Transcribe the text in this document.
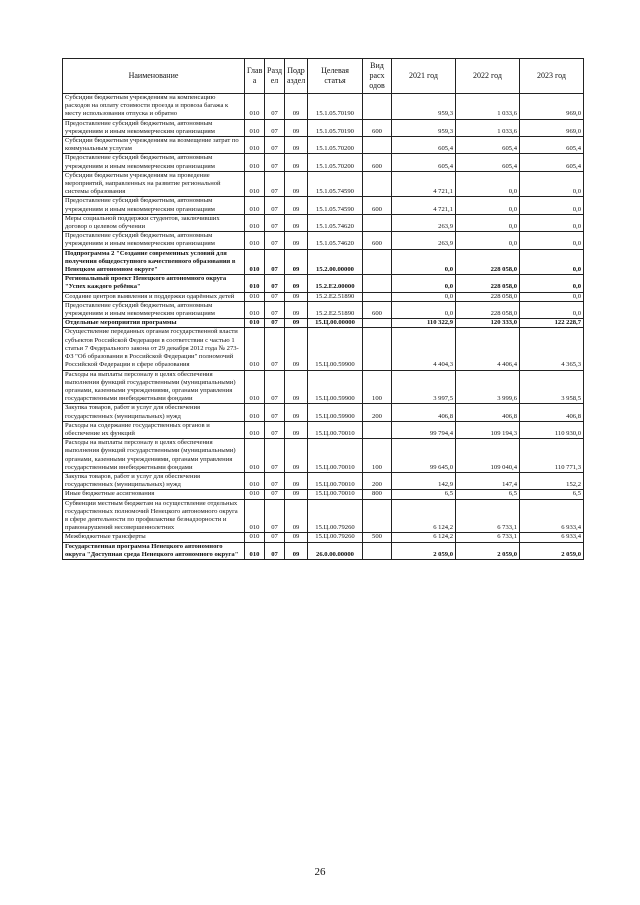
Наименование	Глав а	Разд ел	Подр аздел	Целевая статья	Вид расх одов	2021 год	2022 год	2023 год
Субсидии бюджетным учреждениям на компенсацию расходов на оплату стоимости проезда и провоза багажа к месту использования отпуска и обратно	010	07	09	15.1.05.70190		959,3	1 033,6	969,0
Предоставление субсидий бюджетным, автономным учреждениям и иным некоммерческим организациям	010	07	09	15.1.05.70190	600	959,3	1 033,6	969,0
Субсидии бюджетным учреждениям на возмещение затрат по коммунальным услугам	010	07	09	15.1.05.70200		605,4	605,4	605,4
Предоставление субсидий бюджетным, автономным учреждениям и иным некоммерческим организациям	010	07	09	15.1.05.70200	600	605,4	605,4	605,4
Субсидии бюджетным учреждениям на проведение мероприятий, направленных на развитие региональной системы образования	010	07	09	15.1.05.74590		4 721,1	0,0	0,0
Предоставление субсидий бюджетным, автономным учреждениям и иным некоммерческим организациям	010	07	09	15.1.05.74590	600	4 721,1	0,0	0,0
Меры социальной поддержки студентов, заключивших договор о целевом обучении	010	07	09	15.1.05.74620		263,9	0,0	0,0
Предоставление субсидий бюджетным, автономным учреждениям и иным некоммерческим организациям	010	07	09	15.1.05.74620	600	263,9	0,0	0,0
Подпрограмма 2 "Создание современных условий для получения общедоступного качественного образования в Ненецком автономном округе"	010	07	09	15.2.00.00000		0,0	228 058,0	0,0
Региональный проект Ненецкого автономного округа "Успех каждого ребёнка"	010	07	09	15.2.E2.00000		0,0	228 058,0	0,0
Создание центров выявления и поддержки одарённых детей	010	07	09	15.2.E2.51890		0,0	228 058,0	0,0
Предоставление субсидий бюджетным, автономным учреждениям и иным некоммерческим организациям	010	07	09	15.2.E2.51890	600	0,0	228 058,0	0,0
Отдельные мероприятия программы	010	07	09	15.Ц.00.00000		110 322,9	120 333,0	122 228,7
Осуществление переданных органам государственной власти субъектов Российской Федерации в соответствии с частью 1 статьи 7 Федерального закона от 29 декабря 2012 года № 273-ФЗ "Об образовании в Российской Федерации" полномочий Российской Федерации в сфере образования	010	07	09	15.Ц.00.59900		4 404,3	4 406,4	4 365,3
Расходы на выплаты персоналу в целях обеспечения выполнения функций государственными (муниципальными) органами, казенными учреждениями, органами управления государственными внебюджетными фондами	010	07	09	15.Ц.00.59900	100	3 997,5	3 999,6	3 958,5
Закупка товаров, работ и услуг для обеспечения государственных (муниципальных) нужд	010	07	09	15.Ц.00.59900	200	406,8	406,8	406,8
Расходы на содержание государственных органов и обеспечение их функций	010	07	09	15.Ц.00.70010		99 794,4	109 194,3	110 930,0
Расходы на выплаты персоналу в целях обеспечения выполнения функций государственными (муниципальными) органами, казенными учреждениями, органами управления государственными внебюджетными фондами	010	07	09	15.Ц.00.70010	100	99 645,0	109 040,4	110 771,3
Закупка товаров, работ и услуг для обеспечения государственных (муниципальных) нужд	010	07	09	15.Ц.00.70010	200	142,9	147,4	152,2
Иные бюджетные ассигнования	010	07	09	15.Ц.00.70010	800	6,5	6,5	6,5
Субвенции местным бюджетам на осуществление отдельных государственных полномочий Ненецкого автономного округа в сфере деятельности по профилактике безнадзорности и правонарушений несовершеннолетних	010	07	09	15.Ц.00.79260		6 124,2	6 733,1	6 933,4
Межбюджетные трансферты	010	07	09	15.Ц.00.79260	500	6 124,2	6 733,1	6 933,4
Государственная программа Ненецкого автономного округа "Доступная среда Ненецкого автономного округа"	010	07	09	26.0.00.00000		2 059,0	2 059,0	2 059,0
26
